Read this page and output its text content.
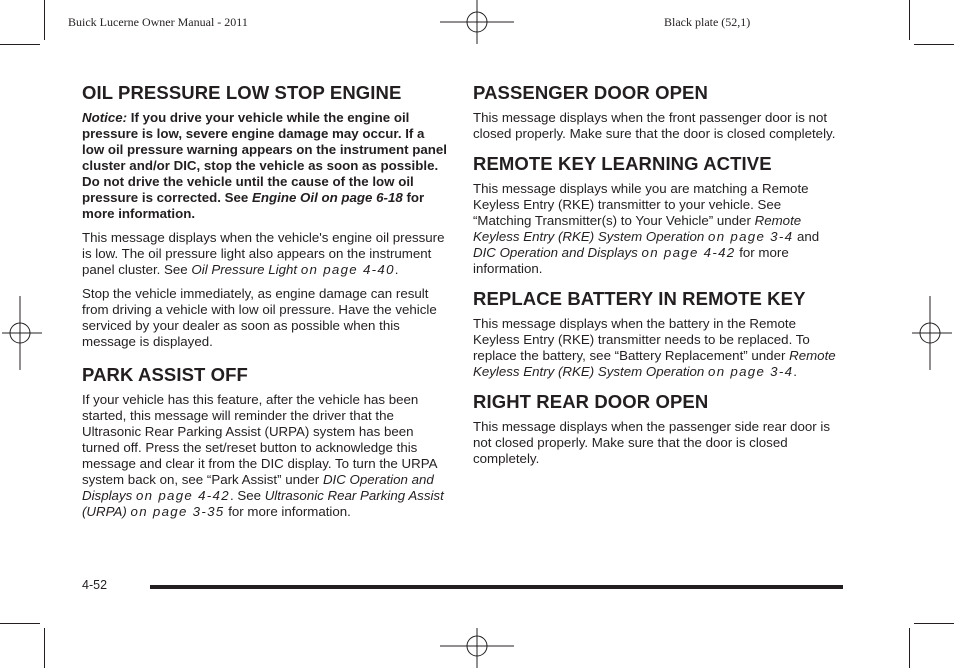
Buick Lucerne Owner Manual - 2011	Black plate (52,1)
OIL PRESSURE LOW STOP ENGINE

Notice: If you drive your vehicle while the engine oil pressure is low, severe engine damage may occur. If a low oil pressure warning appears on the instrument panel cluster and/or DIC, stop the vehicle as soon as possible. Do not drive the vehicle until the cause of the low oil pressure is corrected. See Engine Oil on page 6-18 for more information.

This message displays when the vehicle's engine oil pressure is low. The oil pressure light also appears on the instrument panel cluster. See Oil Pressure Light on page 4-40.

Stop the vehicle immediately, as engine damage can result from driving a vehicle with low oil pressure. Have the vehicle serviced by your dealer as soon as possible when this message is displayed.

PARK ASSIST OFF

If your vehicle has this feature, after the vehicle has been started, this message will reminder the driver that the Ultrasonic Rear Parking Assist (URPA) system has been turned off. Press the set/reset button to acknowledge this message and clear it from the DIC display. To turn the URPA system back on, see “Park Assist” under DIC Operation and Displays on page 4-42. See Ultrasonic Rear Parking Assist (URPA) on page 3-35 for more information.

PASSENGER DOOR OPEN

This message displays when the front passenger door is not closed properly. Make sure that the door is closed completely.

REMOTE KEY LEARNING ACTIVE

This message displays while you are matching a Remote Keyless Entry (RKE) transmitter to your vehicle. See “Matching Transmitter(s) to Your Vehicle” under Remote Keyless Entry (RKE) System Operation on page 3-4 and DIC Operation and Displays on page 4-42 for more information.

REPLACE BATTERY IN REMOTE KEY

This message displays when the battery in the Remote Keyless Entry (RKE) transmitter needs to be replaced. To replace the battery, see “Battery Replacement” under Remote Keyless Entry (RKE) System Operation on page 3-4.

RIGHT REAR DOOR OPEN

This message displays when the passenger side rear door is not closed properly. Make sure that the door is closed completely.

4-52
